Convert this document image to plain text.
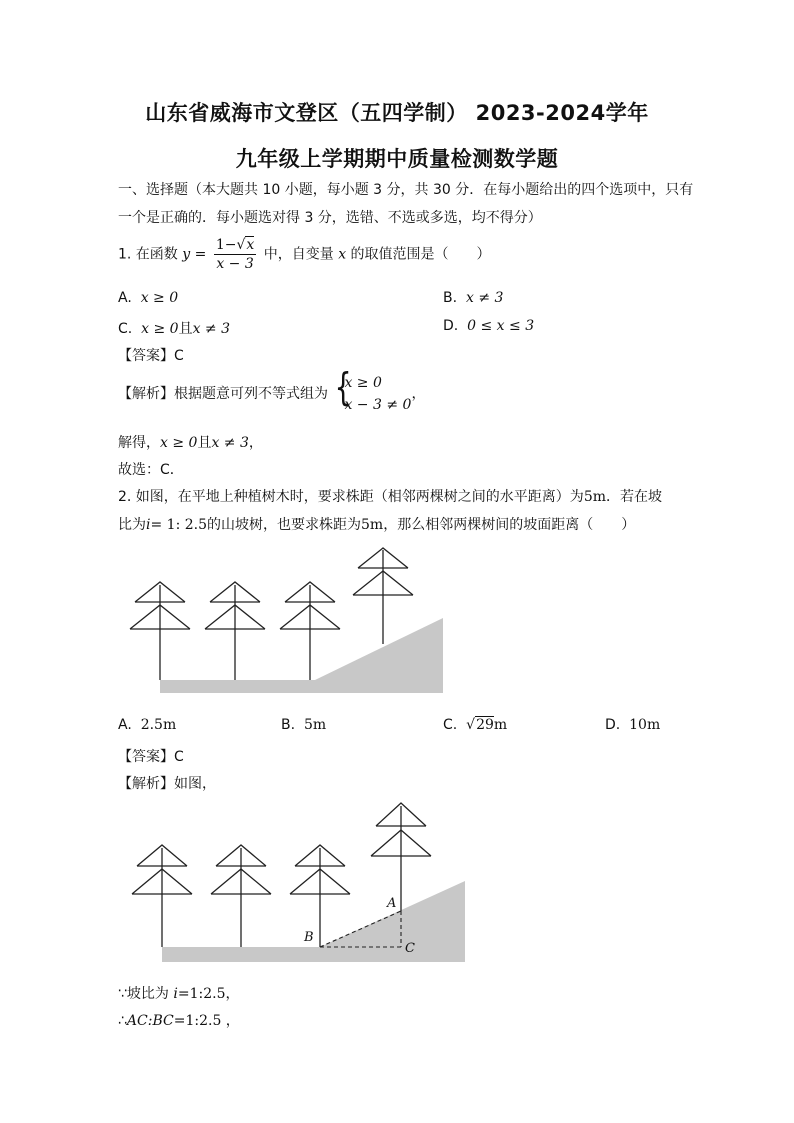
山东省威海市文登区（五四学制） 2023-2024学年
九年级上学期期中质量检测数学题
一、选择题（本大题共 10 小题，每小题 3 分，共 30 分．在每小题给出的四个选项中，只有
一个是正确的．每小题选对得 3 分，选错、不选或多选，均不得分）
1. 在函数 $y = \frac{1-√x}{x - 3}$ 中，自变量 x 的取值范围是（　　）
A. x ≥ 0	B. x ≠ 3
C. x ≥ 0且x ≠ 3	D. 0 ≤ x ≤ 3
【答案】C
【解析】根据题意可列不等式组为 {
x ≥ 0
x − 3 ≠ 0
，
解得，x ≥ 0且x ≠ 3，
故选：C．
2. 如图，在平地上种植树木时，要求株距（相邻两棵树之间的水平距离）为5m．若在坡
比为i= 1: 2.5的山坡树，也要求株距为5m，那么相邻两棵树间的坡面距离（　　）
A. 2.5m	B. 5m	C. √29m	D. 10m
【答案】C
【解析】如图，
A
B
C
∵坡比为 i=1:2.5，
∴AC:BC=1:2.5 ，
